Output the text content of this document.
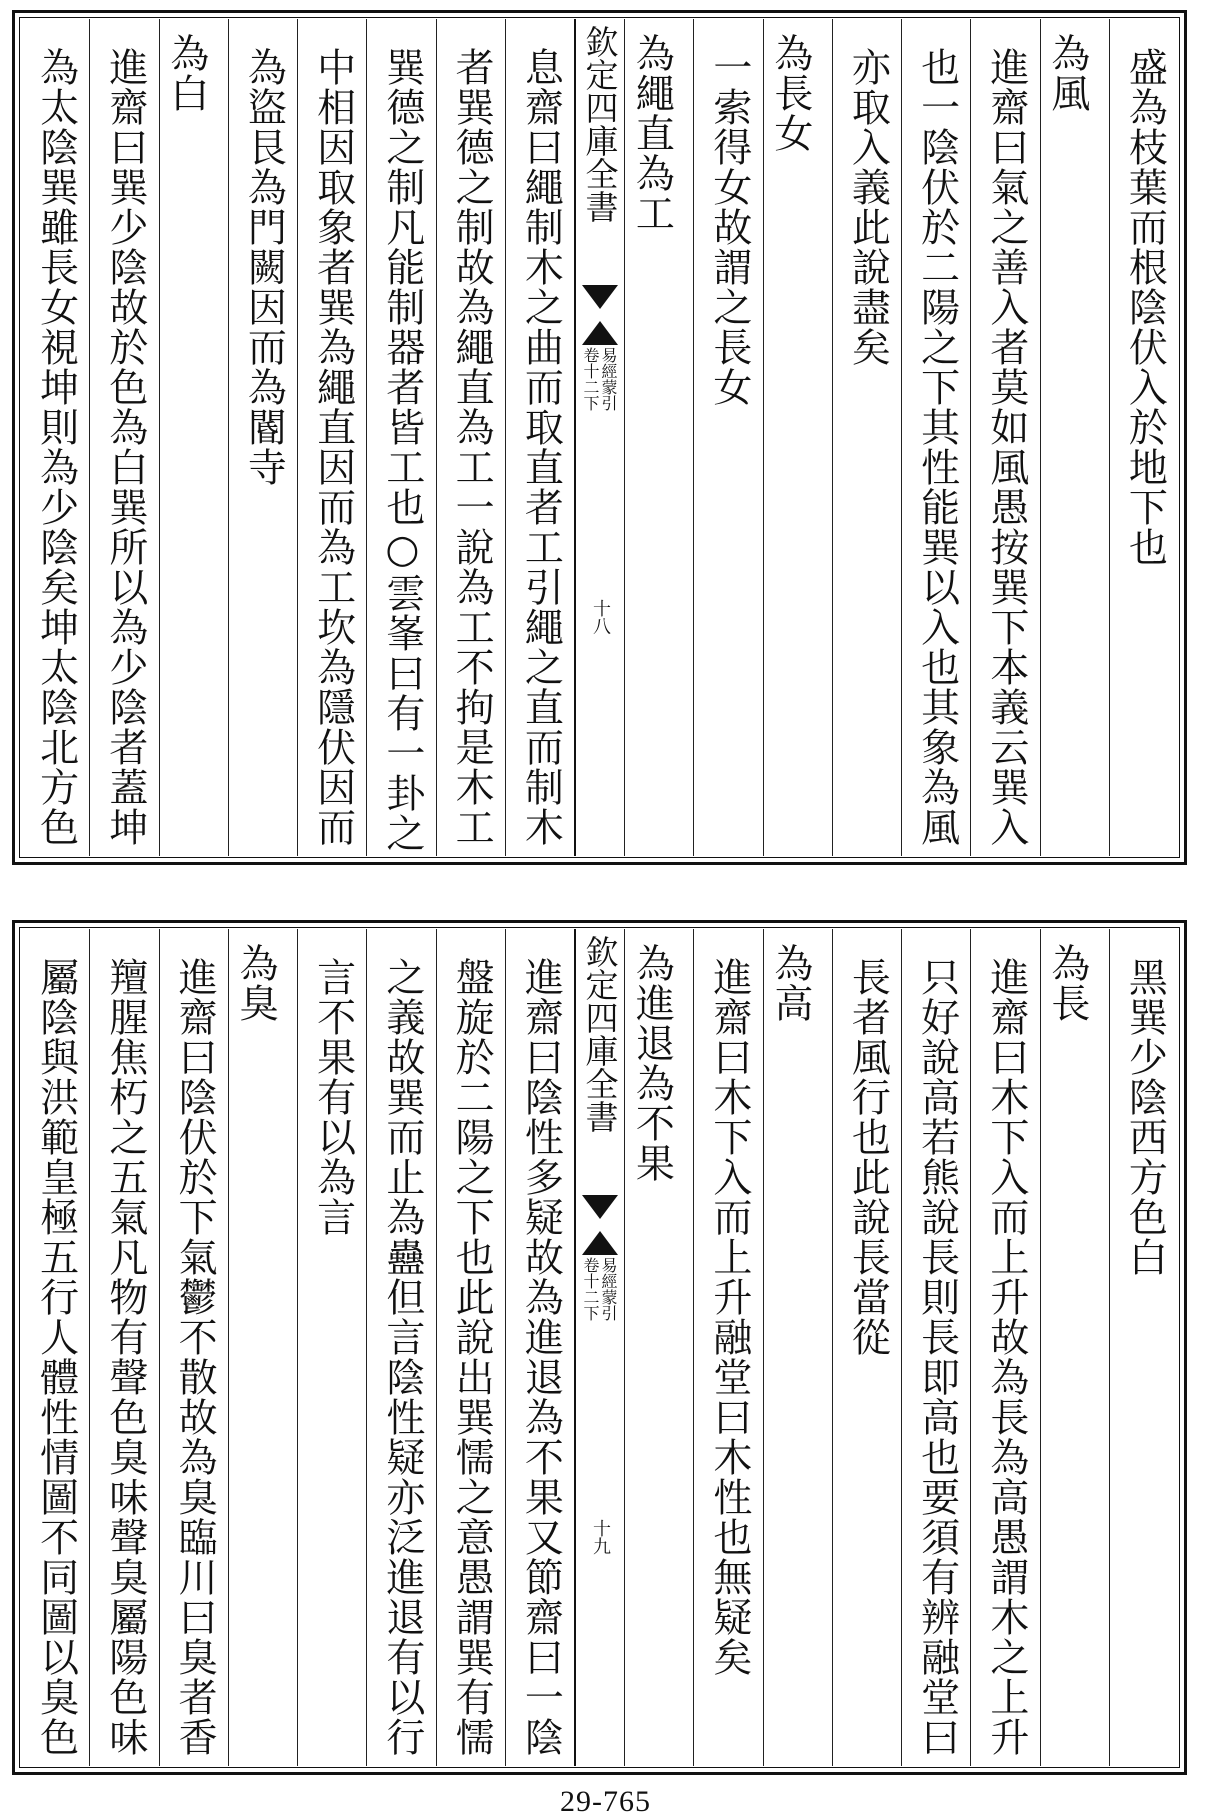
盛為枝葉而根陰伏入於地下也
為風
進齋曰氣之善入者莫如風愚按巽下本義云巽入
也一陰伏於二陽之下其性能巽以入也其象為風
亦取入義此說盡矣
為長女
一索得女故謂之長女
為繩直為工
欽定四庫全書
易經蒙引
卷十二下
十八
息齋曰繩制木之曲而取直者工引繩之直而制木
者巽德之制故為繩直為工一說為工不拘是木工
巽德之制凡能制器者皆工也○雲峯曰有一卦之
中相因取象者巽為繩直因而為工坎為隱伏因而
為盜艮為門闕因而為閽寺
為白
進齋曰巽少陰故於色為白巽所以為少陰者蓋坤
為太陰巽雖長女視坤則為少陰矣坤太陰北方色
黑巽少陰西方色白
為長
進齋曰木下入而上升故為長為高愚謂木之上升
只好說高若熊說長則長即高也要須有辨融堂曰
長者風行也此說長當從
為高
進齋曰木下入而上升融堂曰木性也無疑矣
為進退為不果
欽定四庫全書
易經蒙引
卷十二下
十九
進齋曰陰性多疑故為進退為不果又節齋曰一陰
盤旋於二陽之下也此說出巽懦之意愚謂巽有懦
之義故巽而止為蠱但言陰性疑亦泛進退有以行
言不果有以為言
為臭
進齋曰陰伏於下氣鬱不散故為臭臨川曰臭者香
羶腥焦朽之五氣凡物有聲色臭味聲臭屬陽色味
屬陰與洪範皇極五行人體性情圖不同圖以臭色
29-765
